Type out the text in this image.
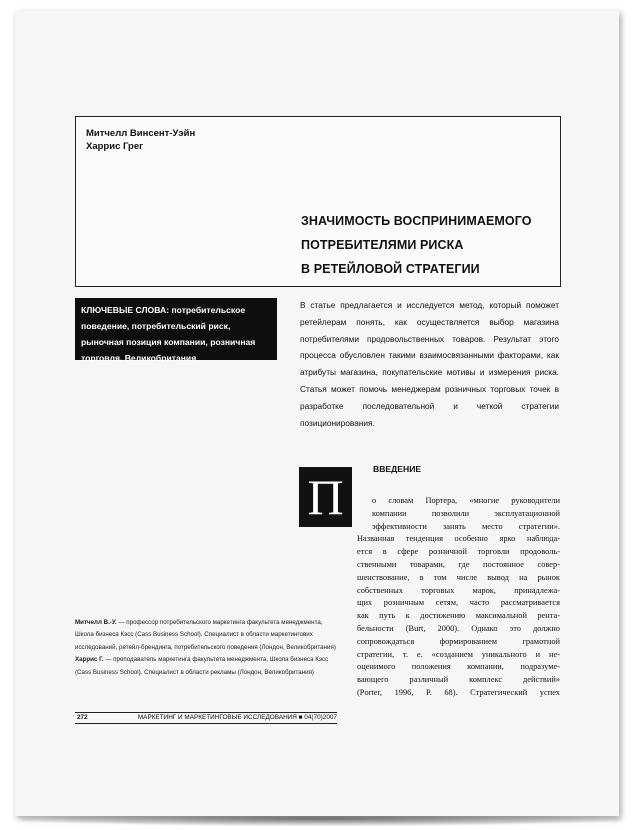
Митчелл Винсент-Уэйн
Харрис Грег
ЗНАЧИМОСТЬ ВОСПРИНИМАЕМОГО
ПОТРЕБИТЕЛЯМИ РИСКА
В РЕТЕЙЛОВОЙ СТРАТЕГИИ
КЛЮЧЕВЫЕ СЛОВА: потребительское поведение, потребительский риск, рыночная позиция компании, розничная торговля, Великобритания
В статье предлагается и исследуется метод, который поможет ретейлерам понять, как осуществляется выбор магазина потребителями продовольственных товаров. Результат этого процесса обусловлен такими взаимосвязанными факторами, как атрибуты магазина, покупательские мотивы и измерения риска. Статья может помочь менеджерам розничных торговых точек в разработке последовательной и четкой стратегии позиционирования.
П	ВВЕДЕНИЕ
о словам Портера, «многие руководители
компании позволили эксплуатационной
эффективности занять место стратегии».
Названная тенденция особенно ярко наблюда-
ется в сфере розничной торговли продоволь-
ственными товарами, где постоянное совер-
шенствование, в том числе вывод на рынок
собственных торговых марок, принадлежа-
щих розничным сетям, часто рассматривается
как путь к достижению максимальной рента-
бельности (Burt, 2000). Однако это должно
сопровождаться формированием грамотной
стратегии, т. е. «созданием уникального и не-
оценимого положения компании, подразуме-
вающего различный комплекс действий»
(Porter, 1996, P. 68). Стратегический успех

Митчелл В.-У. — профессор потребительского маркетинга факультета менеджмента, Школа бизнеса Кэсс (Cass Business School). Специалист в области маркетингових исследований, ретейл-брендинга, потребительского поведения (Лондон, Великобритания)

Харрис Г. — преподаватель маркетинга факультета менеджмента, Школа бизнеса Кэсс (Cass Business School). Специалист в области рекламы (Лондон, Великобритания)

272	МАРКЕТИНГ И МАРКЕТИНГОВЫЕ ИССЛЕДОВАНИЯ ■ 04(70)2007
